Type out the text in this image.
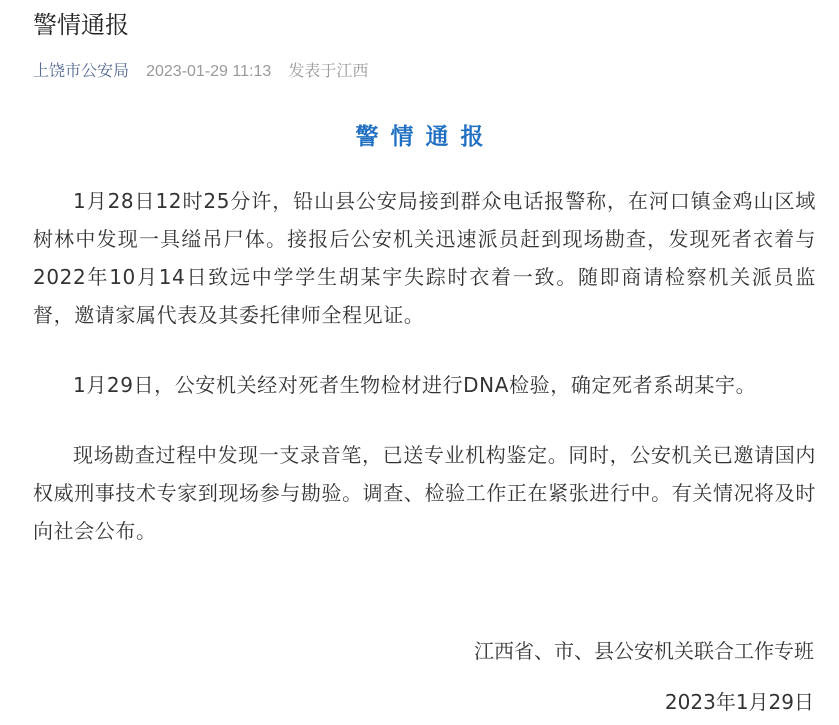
警情通报
上饶市公安局 2023-01-29 11:13 发表于江西
警情通报

1月28日12时25分许，铅山县公安局接到群众电话报警称，在河口镇金鸡山区域树林中发现一具缢吊尸体。接报后公安机关迅速派员赶到现场勘查，发现死者衣着与2022年10月14日致远中学学生胡某宇失踪时衣着一致。随即商请检察机关派员监督，邀请家属代表及其委托律师全程见证。

1月29日，公安机关经对死者生物检材进行DNA检验，确定死者系胡某宇。

现场勘查过程中发现一支录音笔，已送专业机构鉴定。同时，公安机关已邀请国内权威刑事技术专家到现场参与勘验。调查、检验工作正在紧张进行中。有关情况将及时向社会公布。

江西省、市、县公安机关联合工作专班
2023年1月29日
